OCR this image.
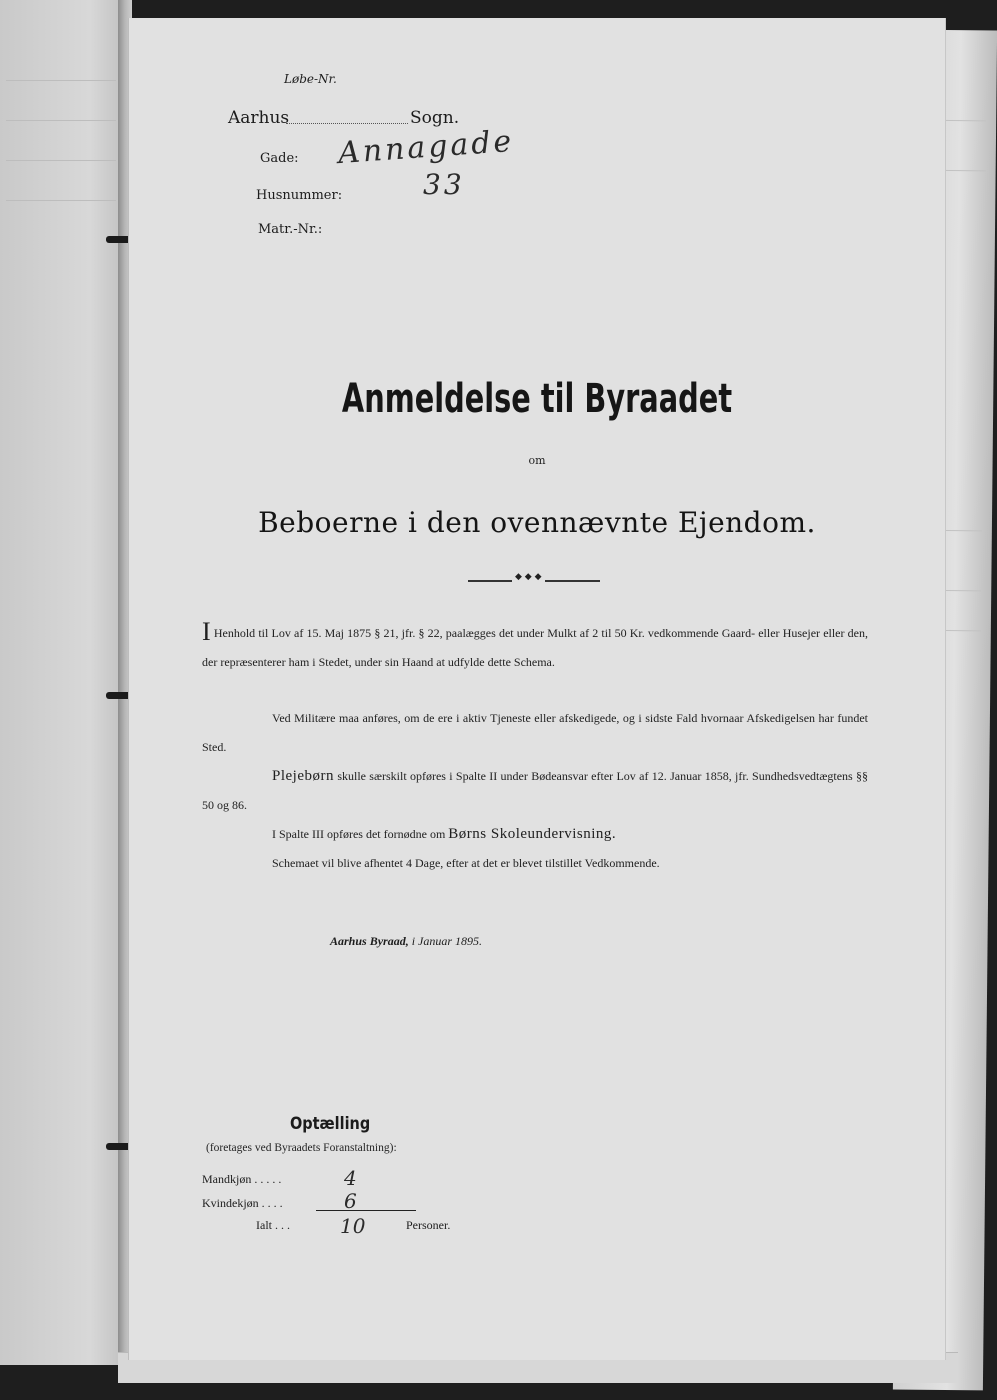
Løbe-Nr.
Aarhus	Sogn.
Gade: Annagade
Husnummer:	33
Matr.-Nr.:
Anmeldelse til Byraadet
om
Beboerne i den ovennævnte Ejendom.
◆ ◆ ◆
I Henhold til Lov af 15. Maj 1875 § 21, jfr. § 22, paalægges det under Mulkt af 2 til 50 Kr. vedkommende Gaard- eller Husejer eller den, der repræsenterer ham i Stedet, under sin Haand at udfylde dette Schema.
Ved Militære maa anføres, om de ere i aktiv Tjeneste eller afskedigede, og i sidste Fald hvornaar Afskedigelsen har fundet Sted.
Plejebørn skulle særskilt opføres i Spalte II under Bødeansvar efter Lov af 12. Januar 1858, jfr. Sundhedsvedtægtens §§ 50 og 86.
I Spalte III opføres det fornødne om Børns Skoleundervisning.
Schemaet vil blive afhentet 4 Dage, efter at det er blevet tilstillet Vedkommende.
Aarhus Byraad, i Januar 1895.
Optælling
(foretages ved Byraadets Foranstaltning):
Mandkjøn . . . . .	4
Kvindekjøn . . . .	6
Ialt . . .	10	Personer.
